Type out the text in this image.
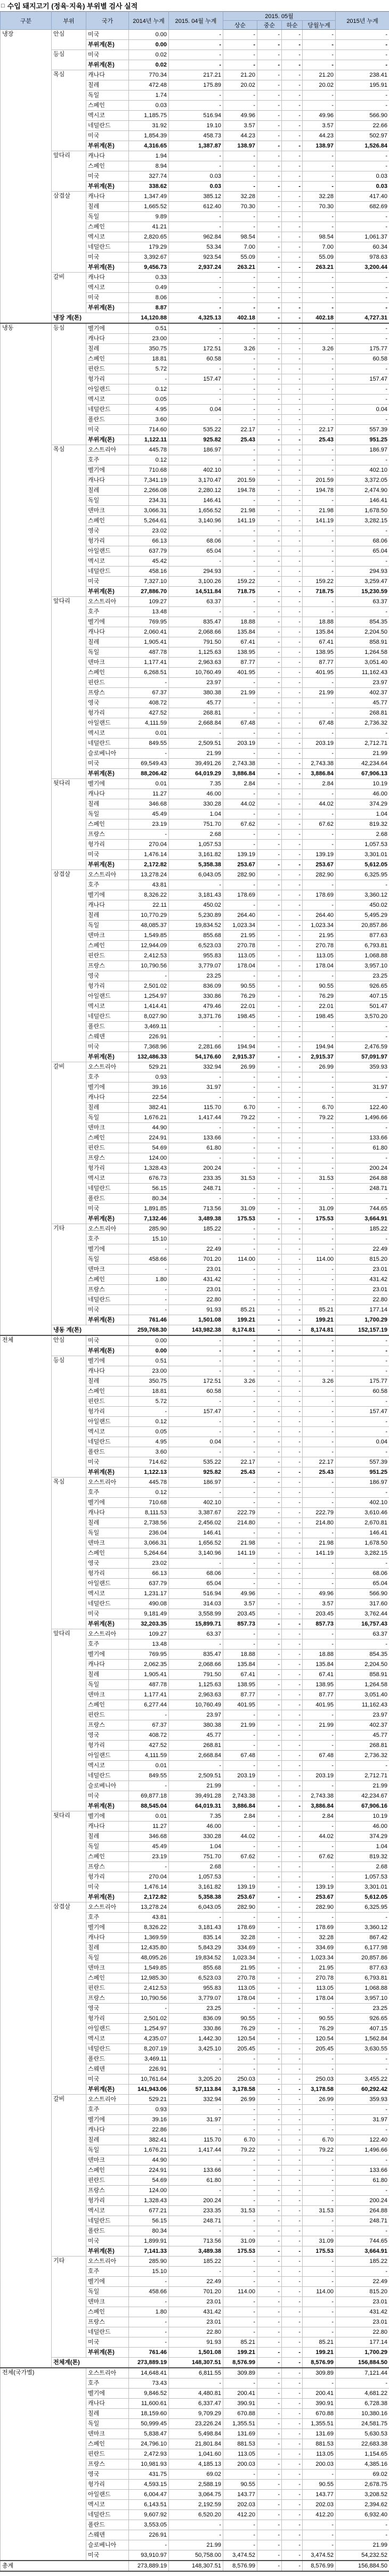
□ 수입 돼지고기 (정육·지육) 부위별 검사 실적
구분	부위	국가	2014년 누계	2015. 04월 누계	2015. 05월				2015년 누계
					상순	중순	하순	당월누계	
냉장	안심	미국	0.00	-	-	-	-	-	-
		부위계(톤)	0.00	-	-	-	-	-	-
	등심	미국	0.02	-	-	-	-	-	-
		부위계(톤)	0.02	-	-	-	-	-	-
	목심	캐나다	770.34	217.21	21.20	-	-	21.20	238.41
		칠레	472.48	175.89	20.02	-	-	20.02	195.91
		독일	1.74	-	-	-	-	-	-
		스페인	0.03	-	-	-	-	-	-
		멕시코	1,185.75	516.94	49.96	-	-	49.96	566.90
		네덜란드	31.92	19.10	3.57	-	-	3.57	22.66
		미국	1,854.39	458.73	44.23	-	-	44.23	502.97
		부위계(톤)	4,316.65	1,387.87	138.97	-	-	138.97	1,526.84
	앞다리	캐나다	1.94	-	-	-	-	-	-
		스페인	8.94	-	-	-	-	-	-
		미국	327.74	0.03	-	-	-	-	0.03
		부위계(톤)	338.62	0.03	-	-	-	-	0.03
	삼겹살	캐나다	1,347.49	385.12	32.28	-	-	32.28	417.40
		칠레	1,665.52	612.40	70.30	-	-	70.30	682.69
		독일	9.89	-	-	-	-	-	-
		스페인	41.21	-	-	-	-	-	-
		멕시코	2,820.65	962.84	98.54	-	-	98.54	1,061.37
		네덜란드	179.29	53.34	7.00	-	-	7.00	60.34
		미국	3,392.67	923.54	55.09	-	-	55.09	978.63
		부위계(톤)	9,456.73	2,937.24	263.21	-	-	263.21	3,200.44
	갈비	캐나다	0.33	-	-	-	-	-	-
		멕시코	0.49	-	-	-	-	-	-
		미국	8.06	-	-	-	-	-	-
		부위계(톤)	8.87	-	-	-	-	-	-
	냉장 계(톤)		14,120.88	4,325.13	402.18	-	-	402.18	4,727.31
냉동	등심	벨기에	0.51	-	-	-	-	-	-
		캐나다	23.00	-	-	-	-	-	-
		칠레	350.75	172.51	3.26	-	-	3.26	175.77
		스페인	18.81	60.58	-	-	-	-	60.58
		핀란드	5.72	-	-	-	-	-	-
		헝가리	-	157.47	-	-	-	-	157.47
		아일랜드	0.12	-	-	-	-	-	-
		멕시코	0.05	-	-	-	-	-	-
		네덜란드	4.95	0.04	-	-	-	-	0.04
		폴란드	3.60	-	-	-	-	-	-
		미국	714.60	535.22	22.17	-	-	22.17	557.39
		부위계(톤)	1,122.11	925.82	25.43	-	-	25.43	951.25
	목심	오스트리아	445.78	186.97	-	-	-	-	186.97
		호주	0.12	-	-	-	-	-	-
		벨기에	710.68	402.10	-	-	-	-	402.10
		캐나다	7,341.19	3,170.47	201.59	-	-	201.59	3,372.05
		칠레	2,266.08	2,280.12	194.78	-	-	194.78	2,474.90
		독일	234.31	146.41	-	-	-	-	146.41
		덴마크	3,066.31	1,656.52	21.98	-	-	21.98	1,678.50
		스페인	5,264.61	3,140.96	141.19	-	-	141.19	3,282.15
		영국	23.02	-	-	-	-	-	-
		헝가리	66.13	68.06	-	-	-	-	68.06
		아일랜드	637.79	65.04	-	-	-	-	65.04
		멕시코	45.42	-	-	-	-	-	-
		네덜란드	458.16	294.93	-	-	-	-	294.93
		미국	7,327.10	3,100.26	159.22	-	-	159.22	3,259.47
		부위계(톤)	27,886.70	14,511.84	718.75	-	-	718.75	15,230.59
	앞다리	오스트리아	109.27	63.37	-	-	-	-	63.37
		호주	13.48	-	-	-	-	-	-
		벨기에	769.95	835.47	18.88	-	-	18.88	854.35
		캐나다	2,060.41	2,068.66	135.84	-	-	135.84	2,204.50
		칠레	1,905.41	791.50	67.41	-	-	67.41	858.91
		독일	487.78	1,125.63	138.95	-	-	138.95	1,264.58
		덴마크	1,177.41	2,963.63	87.77	-	-	87.77	3,051.40
		스페인	6,268.51	10,760.49	401.95	-	-	401.95	11,162.43
		핀란드	-	23.97	-	-	-	-	23.97
		프랑스	67.37	380.38	21.99	-	-	21.99	402.37
		영국	408.72	45.77	-	-	-	-	45.77
		헝가리	427.52	268.81	-	-	-	-	268.81
		아일랜드	4,111.59	2,668.84	67.48	-	-	67.48	2,736.32
		멕시코	0.01	-	-	-	-	-	-
		네덜란드	849.55	2,509.51	203.19	-	-	203.19	2,712.71
		슬로베니아	-	21.99	-	-	-	-	21.99
		미국	69,549.43	39,491.26	2,743.38	-	-	2,743.38	42,234.64
		부위계(톤)	88,206.42	64,019.29	3,886.84	-	-	3,886.84	67,906.13
	뒷다리	벨기에	0.01	7.35	2.84	-	-	2.84	10.19
		캐나다	11.27	46.00	-	-	-	-	46.00
		칠레	346.68	330.28	44.02	-	-	44.02	374.29
		독일	45.49	1.04	-	-	-	-	1.04
		스페인	23.19	751.70	67.62	-	-	67.62	819.32
		프랑스	-	2.68	-	-	-	-	2.68
		헝가리	270.04	1,057.53	-	-	-	-	1,057.53
		미국	1,476.14	3,161.82	139.19	-	-	139.19	3,301.01
		부위계(톤)	2,172.82	5,358.38	253.67	-	-	253.67	5,612.05
	삼겹살	오스트리아	13,278.24	6,043.05	282.90	-	-	282.90	6,325.95
		호주	43.81	-	-	-	-	-	-
		벨기에	8,326.22	3,181.43	178.69	-	-	178.69	3,360.12
		캐나다	22.11	450.02	-	-	-	-	450.02
		칠레	10,770.29	5,230.89	264.40	-	-	264.40	5,495.29
		독일	48,085.37	19,834.52	1,023.34	-	-	1,023.34	20,857.86
		덴마크	1,549.85	855.68	21.95	-	-	21.95	877.63
		스페인	12,944.09	6,523.03	270.78	-	-	270.78	6,793.81
		핀란드	2,412.53	955.83	113.05	-	-	113.05	1,068.88
		프랑스	10,790.56	3,779.07	178.04	-	-	178.04	3,957.10
		영국	-	23.25	-	-	-	-	23.25
		헝가리	2,501.02	836.09	90.55	-	-	90.55	926.65
		아일랜드	1,254.97	330.86	76.29	-	-	76.29	407.15
		멕시코	1,414.41	479.46	22.01	-	-	22.01	501.47
		네덜란드	8,027.90	3,371.76	198.45	-	-	198.45	3,570.20
		폴란드	3,469.11	-	-	-	-	-	-
		스웨덴	226.91	-	-	-	-	-	-
		미국	7,368.96	2,281.66	194.94	-	-	194.94	2,476.59
		부위계(톤)	132,486.33	54,176.60	2,915.37	-	-	2,915.37	57,091.97
	갈비	오스트리아	529.21	332.94	26.99	-	-	26.99	359.93
		호주	0.93	-	-	-	-	-	-
		벨기에	39.16	31.97	-	-	-	-	31.97
		캐나다	22.54	-	-	-	-	-	-
		칠레	382.41	115.70	6.70	-	-	6.70	122.40
		독일	1,676.21	1,417.44	79.22	-	-	79.22	1,496.66
		덴마크	44.90	-	-	-	-	-	-
		스페인	224.91	133.66	-	-	-	-	133.66
		핀란드	54.69	61.80	-	-	-	-	61.80
		프랑스	124.00	-	-	-	-	-	-
		헝가리	1,328.43	200.24	-	-	-	-	200.24
		멕시코	676.73	233.35	31.53	-	-	31.53	264.88
		네덜란드	56.15	248.71	-	-	-	-	248.71
		폴란드	80.34	-	-	-	-	-	-
		미국	1,891.85	713.56	31.09	-	-	31.09	744.65
		부위계(톤)	7,132.46	3,489.38	175.53	-	-	175.53	3,664.91
	기타	오스트리아	285.90	185.22	-	-	-	-	185.22
		호주	15.10	-	-	-	-	-	-
		벨기에	-	22.49	-	-	-	-	22.49
		독일	458.66	701.20	114.00	-	-	114.00	815.20
		덴마크	-	23.01	-	-	-	-	23.01
		스페인	1.80	431.42	-	-	-	-	431.42
		프랑스	-	23.01	-	-	-	-	23.01
		네덜란드	-	22.80	-	-	-	-	22.80
		미국	-	91.93	85.21	-	-	85.21	177.14
		부위계(톤)	761.46	1,501.08	199.21	-	-	199.21	1,700.29
	냉동 계(톤)		259,768.30	143,982.38	8,174.81	-	-	8,174.81	152,157.19
전체	안심	미국	0.00	-	-	-	-	-	-
		부위계(톤)	0.00	-	-	-	-	-	-
	등심	벨기에	0.51	-	-	-	-	-	-
		캐나다	23.00	-	-	-	-	-	-
		칠레	350.75	172.51	3.26	-	-	3.26	175.77
		스페인	18.81	60.58	-	-	-	-	60.58
		핀란드	5.72	-	-	-	-	-	-
		헝가리	-	157.47	-	-	-	-	157.47
		아일랜드	0.12	-	-	-	-	-	-
		멕시코	0.05	-	-	-	-	-	-
		네덜란드	4.95	0.04	-	-	-	-	0.04
		폴란드	3.60	-	-	-	-	-	-
		미국	714.62	535.22	22.17	-	-	22.17	557.39
		부위계(톤)	1,122.13	925.82	25.43	-	-	25.43	951.25
	목심	오스트리아	445.78	186.97	-	-	-	-	186.97
		호주	0.12	-	-	-	-	-	-
		벨기에	710.68	402.10	-	-	-	-	402.10
		캐나다	8,111.53	3,387.67	222.79	-	-	222.79	3,610.46
		칠레	2,738.56	2,456.02	214.80	-	-	214.80	2,670.81
		독일	236.04	146.41	-	-	-	-	146.41
		덴마크	3,066.31	1,656.52	21.98	-	-	21.98	1,678.50
		스페인	5,264.64	3,140.96	141.19	-	-	141.19	3,282.15
		영국	23.02	-	-	-	-	-	-
		헝가리	66.13	68.06	-	-	-	-	68.06
		아일랜드	637.79	65.04	-	-	-	-	65.04
		멕시코	1,231.17	516.94	49.96	-	-	49.96	566.90
		네덜란드	490.08	314.03	3.57	-	-	3.57	317.60
		미국	9,181.49	3,558.99	203.45	-	-	203.45	3,762.44
		부위계(톤)	32,203.35	15,899.71	857.73	-	-	857.73	16,757.43
	앞다리	오스트리아	109.27	63.37	-	-	-	-	63.37
		호주	13.48	-	-	-	-	-	-
		벨기에	769.95	835.47	18.88	-	-	18.88	854.35
		캐나다	2,062.35	2,068.66	135.84	-	-	135.84	2,204.50
		칠레	1,905.41	791.50	67.41	-	-	67.41	858.91
		독일	487.78	1,125.63	138.95	-	-	138.95	1,264.58
		덴마크	1,177.41	2,963.63	87.77	-	-	87.77	3,051.40
		스페인	6,277.44	10,760.49	401.95	-	-	401.95	11,162.43
		핀란드	-	23.97	-	-	-	-	23.97
		프랑스	67.37	380.38	21.99	-	-	21.99	402.37
		영국	408.72	45.77	-	-	-	-	45.77
		헝가리	427.52	268.81	-	-	-	-	268.81
		아일랜드	4,111.59	2,668.84	67.48	-	-	67.48	2,736.32
		멕시코	0.01	-	-	-	-	-	-
		네덜란드	849.55	2,509.51	203.19	-	-	203.19	2,712.71
		슬로베니아	-	21.99	-	-	-	-	21.99
		미국	69,877.18	39,491.28	2,743.38	-	-	2,743.38	42,234.67
		부위계(톤)	88,545.04	64,019.31	3,886.84	-	-	3,886.84	67,906.16
	뒷다리	벨기에	0.01	7.35	2.84	-	-	2.84	10.19
		캐나다	11.27	46.00	-	-	-	-	46.00
		칠레	346.68	330.28	44.02	-	-	44.02	374.29
		독일	45.49	1.04	-	-	-	-	1.04
		스페인	23.19	751.70	67.62	-	-	67.62	819.32
		프랑스	-	2.68	-	-	-	-	2.68
		헝가리	270.04	1,057.53	-	-	-	-	1,057.53
		미국	1,476.14	3,161.82	139.19	-	-	139.19	3,301.01
		부위계(톤)	2,172.82	5,358.38	253.67	-	-	253.67	5,612.05
	삼겹살	오스트리아	13,278.24	6,043.05	282.90	-	-	282.90	6,325.95
		호주	43.81	-	-	-	-	-	-
		벨기에	8,326.22	3,181.43	178.69	-	-	178.69	3,360.12
		캐나다	1,369.59	835.14	32.28	-	-	32.28	867.42
		칠레	12,435.80	5,843.29	334.69	-	-	334.69	6,177.98
		독일	48,095.26	19,834.52	1,023.34	-	-	1,023.34	20,857.86
		덴마크	1,549.85	855.68	21.95	-	-	21.95	877.63
		스페인	12,985.30	6,523.03	270.78	-	-	270.78	6,793.81
		핀란드	2,412.53	955.83	113.05	-	-	113.05	1,068.88
		프랑스	10,790.56	3,779.07	178.04	-	-	178.04	3,957.10
		영국	-	23.25	-	-	-	-	23.25
		헝가리	2,501.02	836.09	90.55	-	-	90.55	926.65
		아일랜드	1,254.97	330.86	76.29	-	-	76.29	407.15
		멕시코	4,235.07	1,442.30	120.54	-	-	120.54	1,562.84
		네덜란드	8,207.19	3,425.10	205.45	-	-	205.45	3,630.55
		폴란드	3,469.11	-	-	-	-	-	-
		스웨덴	226.91	-	-	-	-	-	-
		미국	10,761.64	3,205.20	250.03	-	-	250.03	3,455.22
		부위계(톤)	141,943.06	57,113.84	3,178.58	-	-	3,178.58	60,292.42
	갈비	오스트리아	529.21	332.94	26.99	-	-	26.99	359.93
		호주	0.93	-	-	-	-	-	-
		벨기에	39.16	31.97	-	-	-	-	31.97
		캐나다	22.86	-	-	-	-	-	-
		칠레	382.41	115.70	6.70	-	-	6.70	122.40
		독일	1,676.21	1,417.44	79.22	-	-	79.22	1,496.66
		덴마크	44.90	-	-	-	-	-	-
		스페인	224.91	133.66	-	-	-	-	133.66
		핀란드	54.69	61.80	-	-	-	-	61.80
		프랑스	124.00	-	-	-	-	-	-
		헝가리	1,328.43	200.24	-	-	-	-	200.24
		멕시코	677.21	233.35	31.53	-	-	31.53	264.88
		네덜란드	56.15	248.71	-	-	-	-	248.71
		폴란드	80.34	-	-	-	-	-	-
		미국	1,899.91	713.56	31.09	-	-	31.09	744.65
		부위계(톤)	7,141.33	3,489.38	175.53	-	-	175.53	3,664.91
	기타	오스트리아	285.90	185.22	-	-	-	-	185.22
		호주	15.10	-	-	-	-	-	-
		벨기에	-	22.49	-	-	-	-	22.49
		독일	458.66	701.20	114.00	-	-	114.00	815.20
		덴마크	-	23.01	-	-	-	-	23.01
		스페인	1.80	431.42	-	-	-	-	431.42
		프랑스	-	23.01	-	-	-	-	23.01
		네덜란드	-	22.80	-	-	-	-	22.80
		미국	-	91.93	85.21	-	-	85.21	177.14
		부위계(톤)	761.46	1,501.08	199.21	-	-	199.21	1,700.29
	전체계(톤)		273,889.19	148,307.51	8,576.99	-	-	8,576.99	156,884.50
전체(국가별)		오스트리아	14,648.41	6,811.55	309.89	-	-	309.89	7,121.44
		호주	73.43	-	-	-	-	-	-
		벨기에	9,846.52	4,480.81	200.41	-	-	200.41	4,681.22
		캐나다	11,600.61	6,337.47	390.91	-	-	390.91	6,728.38
		칠레	18,159.60	9,709.29	670.88	-	-	670.88	10,380.16
		독일	50,999.45	23,226.24	1,355.51	-	-	1,355.51	24,581.75
		덴마크	5,838.47	5,498.84	131.69	-	-	131.69	5,630.53
		스페인	24,796.10	21,801.84	881.53	-	-	881.53	22,683.38
		핀란드	2,472.93	1,041.60	113.05	-	-	113.05	1,154.65
		프랑스	10,981.93	4,185.13	200.03	-	-	200.03	4,385.16
		영국	431.75	69.02	-	-	-	-	69.02
		헝가리	4,593.15	2,588.19	90.55	-	-	90.55	2,678.75
		아일랜드	6,004.47	3,064.75	143.77	-	-	143.77	3,208.52
		멕시코	6,143.51	2,192.59	202.03	-	-	202.03	2,394.62
		네덜란드	9,607.92	6,520.20	412.20	-	-	412.20	6,932.40
		폴란드	3,553.05	-	-	-	-	-	-
		스웨덴	226.91	-	-	-	-	-	-
		슬로베니아	-	21.99	-	-	-	-	21.99
		미국	93,910.97	50,758.00	3,474.52	-	-	3,474.52	54,232.52
총계			273,889.19	148,307.51	8,576.99	-	-	8,576.99	156,884.50
